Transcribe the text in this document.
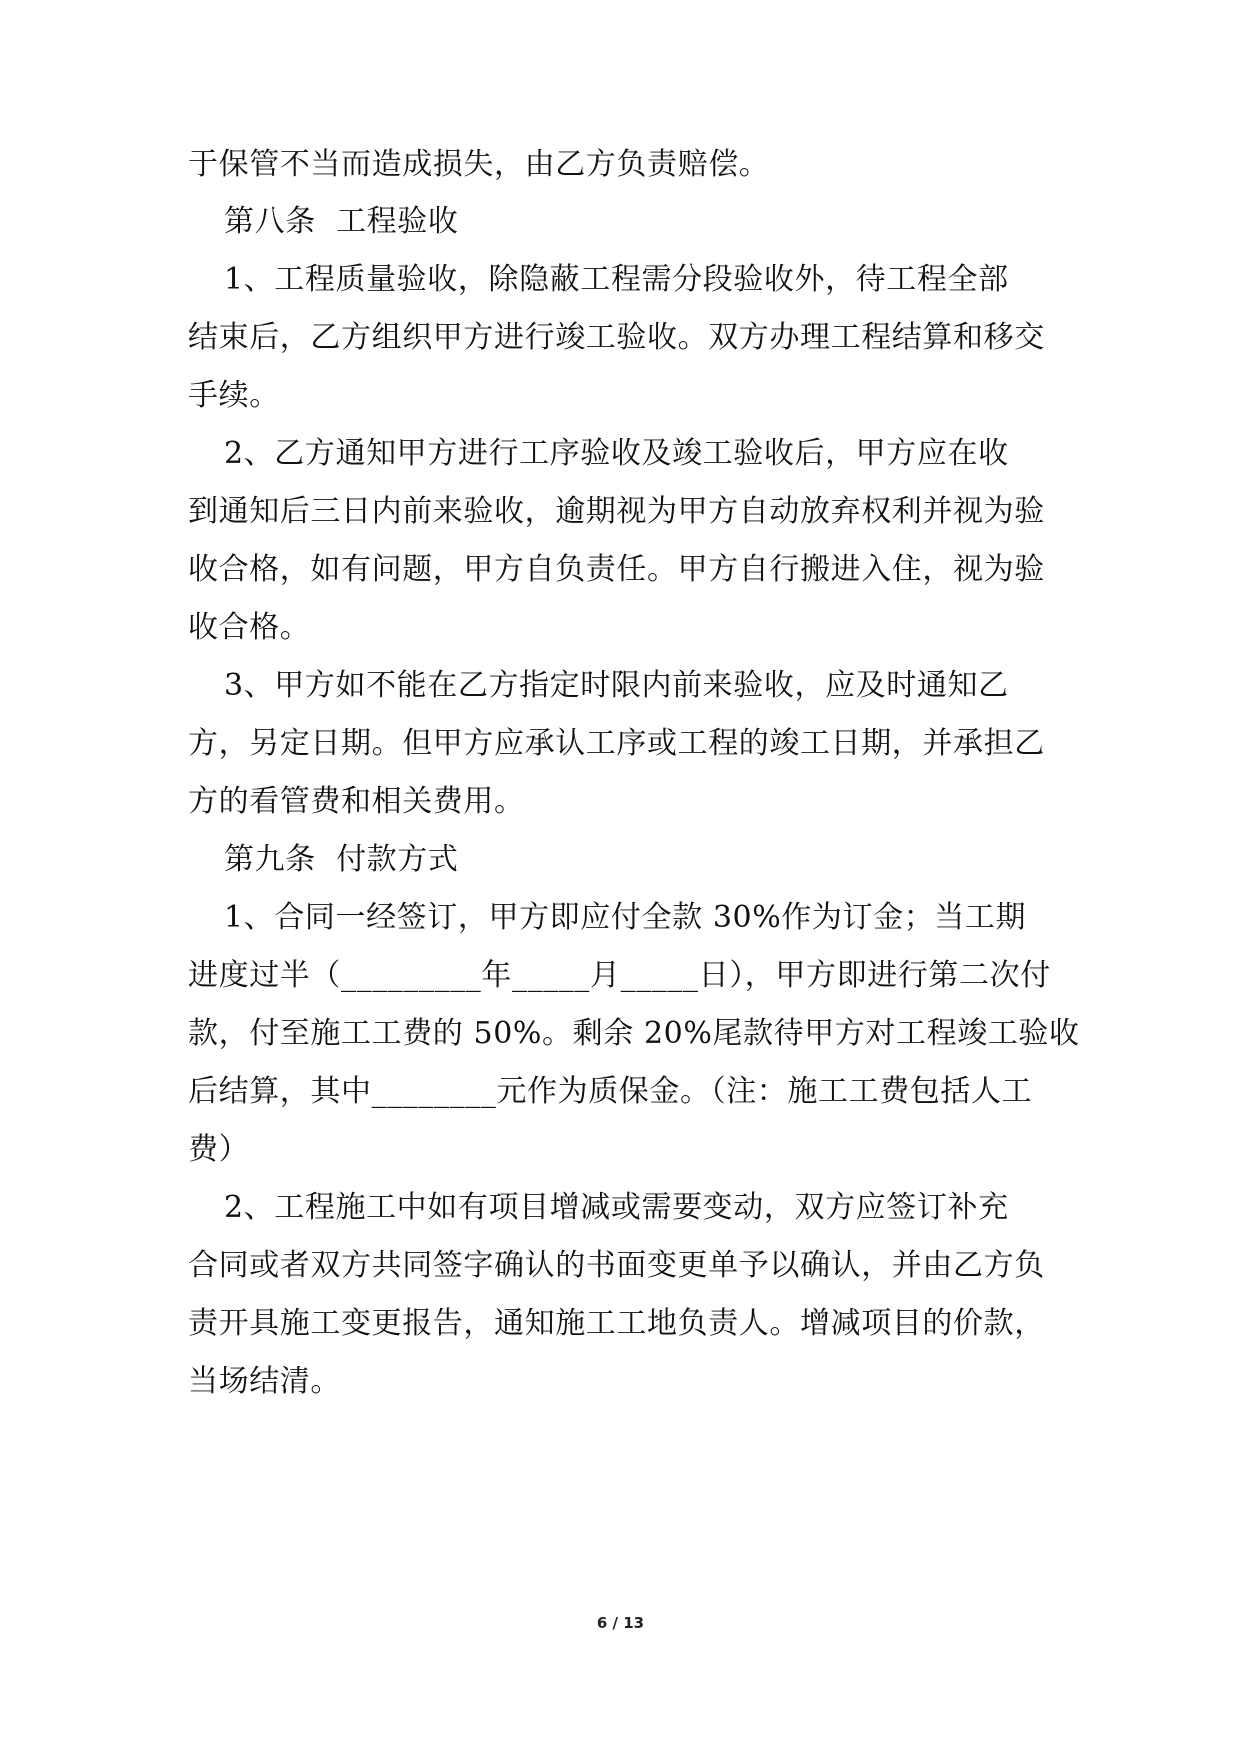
于保管不当而造成损失，由乙方负责赔偿。
第八条  工程验收
1、工程质量验收，除隐蔽工程需分段验收外，待工程全部
结束后，乙方组织甲方进行竣工验收。双方办理工程结算和移交
手续。
2、乙方通知甲方进行工序验收及竣工验收后，甲方应在收
到通知后三日内前来验收，逾期视为甲方自动放弃权利并视为验
收合格，如有问题，甲方自负责任。甲方自行搬进入住，视为验
收合格。
3、甲方如不能在乙方指定时限内前来验收，应及时通知乙
方，另定日期。但甲方应承认工序或工程的竣工日期，并承担乙
方的看管费和相关费用。
第九条  付款方式
1、合同一经签订，甲方即应付全款 30%作为订金；当工期
进度过半（_________年_____月_____日），甲方即进行第二次付
款，付至施工工费的 50%。剩余 20%尾款待甲方对工程竣工验收
后结算，其中________元作为质保金。（注：施工工费包括人工
费）
2、工程施工中如有项目增减或需要变动，双方应签订补充
合同或者双方共同签字确认的书面变更单予以确认，并由乙方负
责开具施工变更报告，通知施工工地负责人。增减项目的价款，
当场结清。
6 / 13
